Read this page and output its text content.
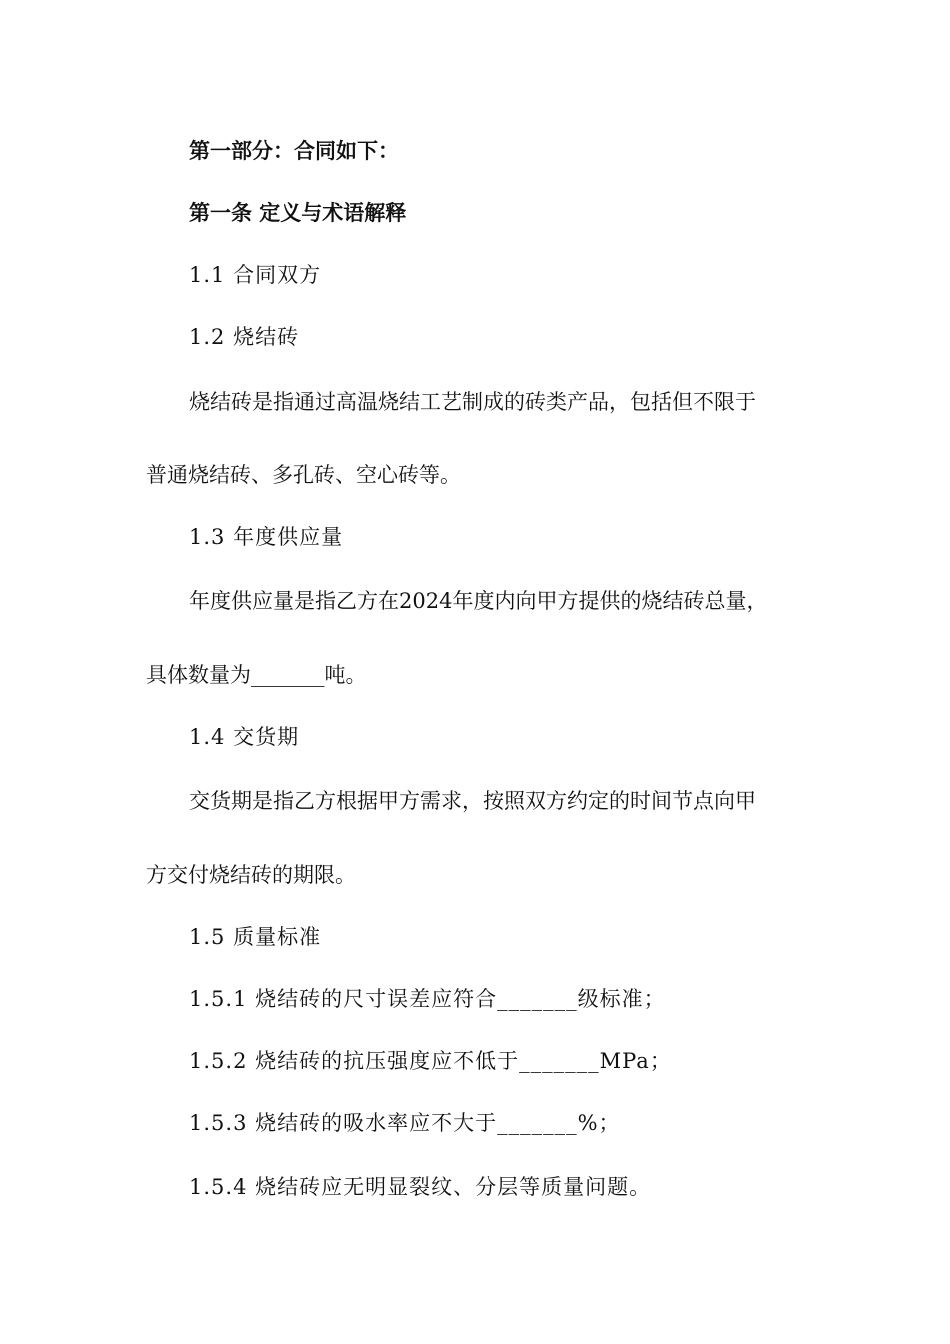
第一部分：合同如下：
第一条 定义与术语解释
1.1 合同双方
1.2 烧结砖
烧结砖是指通过高温烧结工艺制成的砖类产品，包括但不限于
普通烧结砖、多孔砖、空心砖等。
1.3 年度供应量
年度供应量是指乙方在2024年度内向甲方提供的烧结砖总量，
具体数量为_______吨。
1.4 交货期
交货期是指乙方根据甲方需求，按照双方约定的时间节点向甲
方交付烧结砖的期限。
1.5 质量标准
1.5.1 烧结砖的尺寸误差应符合_______级标准；
1.5.2 烧结砖的抗压强度应不低于_______MPa；
1.5.3 烧结砖的吸水率应不大于_______%；
1.5.4 烧结砖应无明显裂纹、分层等质量问题。
